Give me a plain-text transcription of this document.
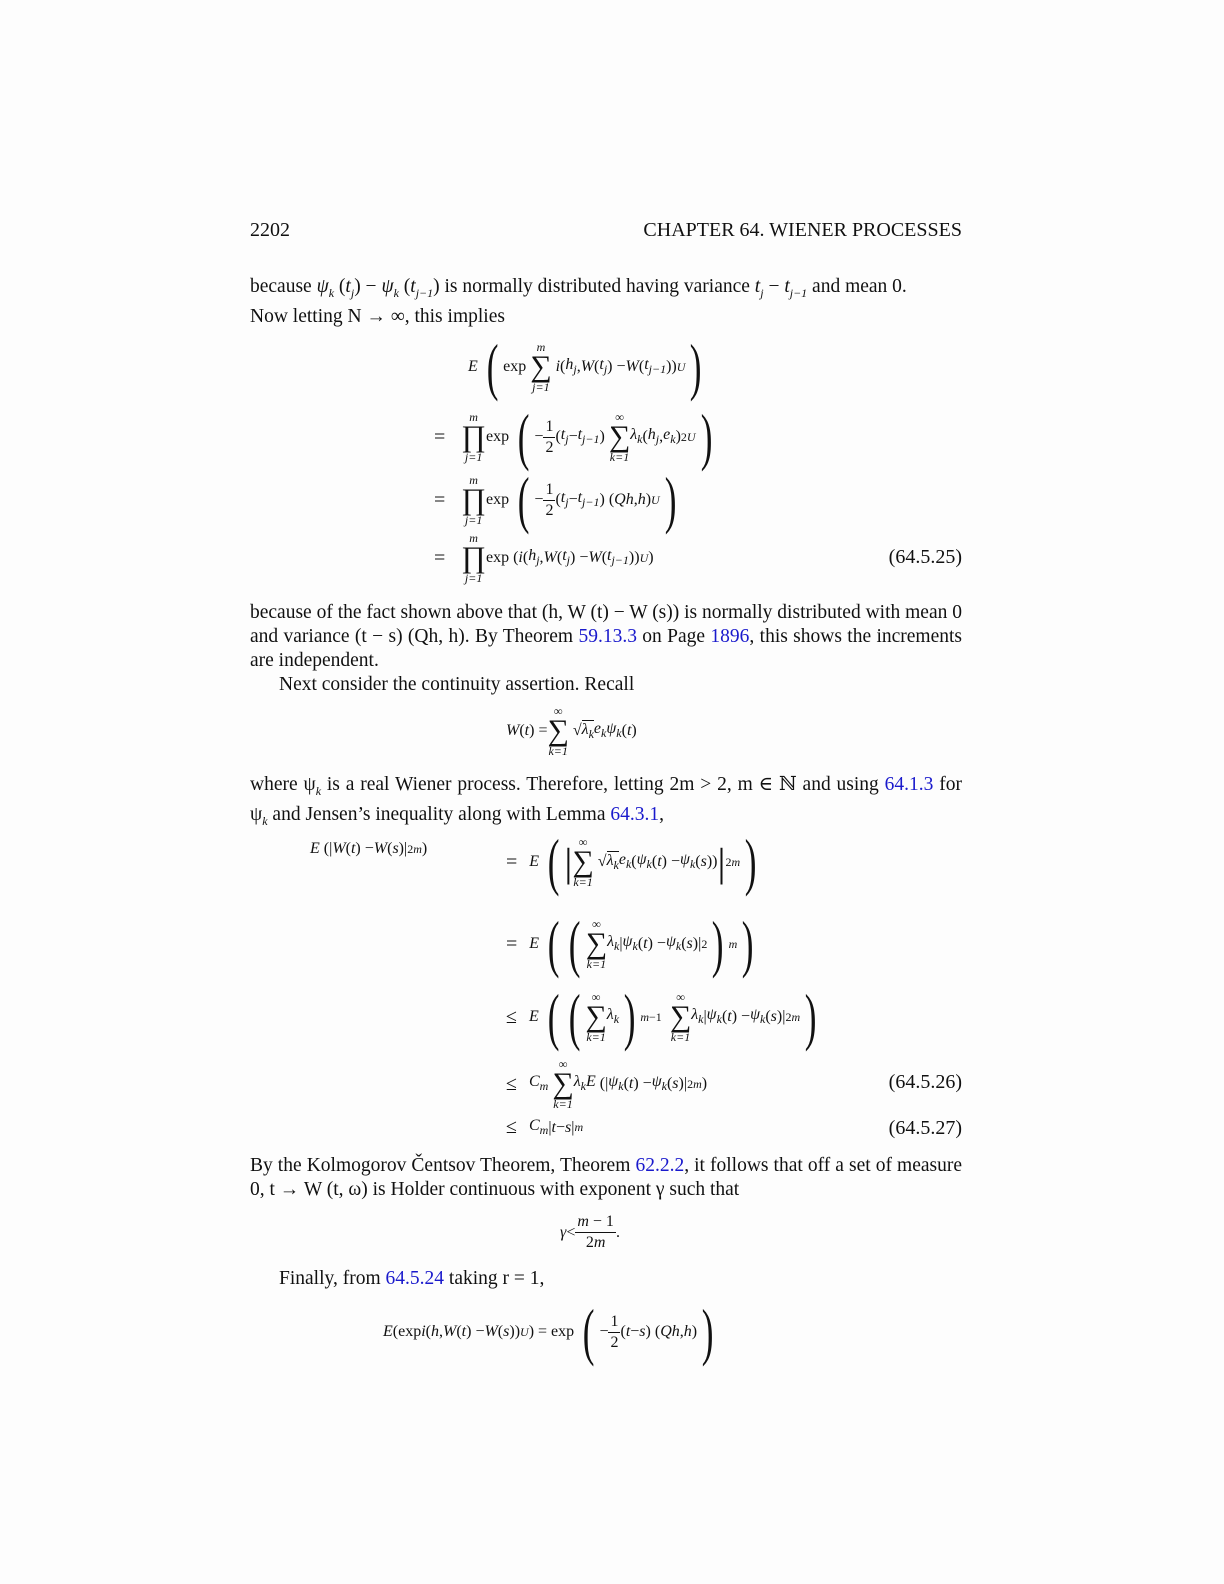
2202	CHAPTER 64. WIENER PROCESSES
because $\psi_k$ $(t_j) - \psi_k$ $(t_{j-1})$ is normally distributed having variance $t_j - t_{j-1}$ and mean 0.
Now letting N → ∞, this implies
E
( exp
m
∑
j=1

i ( $h_j$ , W ( $t_j$ ) − W ( $t_{j-1}$ )) U )
=

m
∏
j=1
exp ( − $\frac{1}{2}$ ( $t_j - t_{j-1}$ )
∞
∑
k=1
$\lambda_k$ ( $h_j$ , $e_k$ ) 2 U )
=

m
∏
j=1
exp ( − $\frac{1}{2}$ ( $t_j - t_{j-1}$ ) ( Qh , h ) U )
=

m
∏
j=1
exp ( i ( $h_j$ , W ( $t_j$ ) − W ( $t_{j-1}$ )) U )	(64.5.25)
because of the fact shown above that (h, W (t) − W (s)) is normally distributed with mean 0 and variance (t − s) (Qh, h). By Theorem 59.13.3 on Page 1896, this shows the increments are independent.
Next consider the continuity assertion. Recall
W ( t ) =
∞
∑
k=1
√ $\lambda_k$ $e_k\psi_k$ ( t )
where $\psi_k$ is a real Wiener process. Therefore, letting 2m > 2, m ∈ ℕ and using 64.1.3 for $\psi_k$ and Jensen’s inequality along with Lemma 64.3.1,
E (| W ( t ) − W ( s )| 2m )
=
E
( | ∞
∑
k=1
√ $\lambda_k$ $e_k$ ( $\psi_k$ ( t ) − $\psi_k$ ( s )) | 2m )
=
E
( ( ∞
∑
k=1
$\lambda_k$ | $\psi_k$ ( t ) − $\psi_k$ ( s )| 2 ) m )
≤
E
( ( ∞
∑
k=1
$\lambda_k$ ) m−1

∞
∑
k=1
$\lambda_k$ | $\psi_k$ ( t ) − $\psi_k$ ( s )| 2m )
≤
$C_m$

∞
∑
k=1
$\lambda_kE$ (| $\psi_k$ ( t ) − $\psi_k$ ( s )| 2m )	(64.5.26)
≤
$C_m$ | t − s | m	(64.5.27)
By the Kolmogorov Čentsov Theorem, Theorem 62.2.2, it follows that off a set of measure 0, t → W (t, ω) is Holder continuous with exponent γ such that
$\gamma < \frac{m - 1}{2m}$ .
Finally, from 64.5.24 taking r = 1,
E (exp i ( h , W ( t ) − W ( s )) U ) = exp ( − $\frac{1}{2}$ ( t − s ) ( Qh , h ) )
